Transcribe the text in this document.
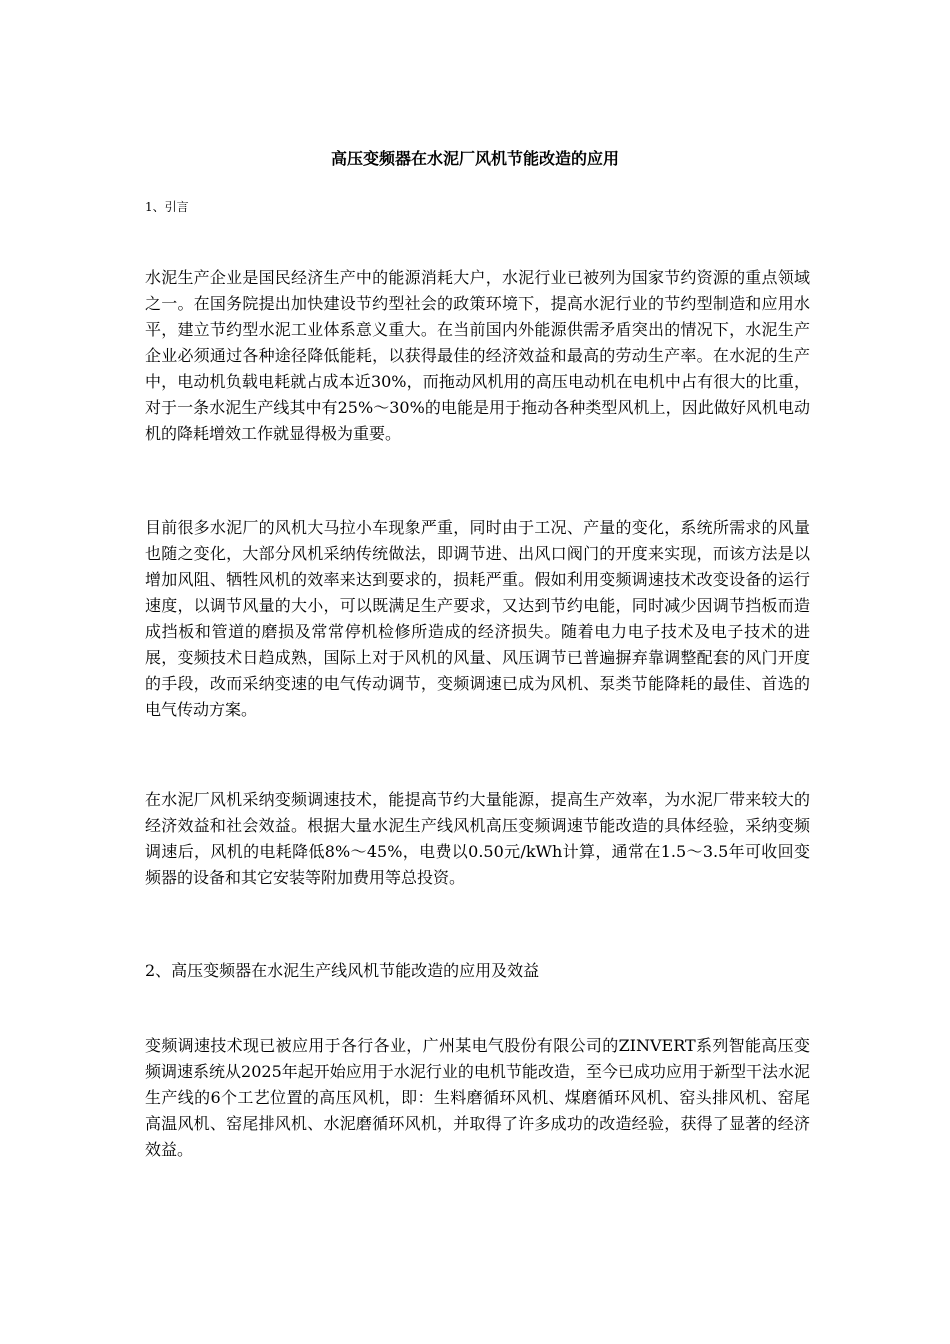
高压变频器在水泥厂风机节能改造的应用
1、引言

水泥生产企业是国民经济生产中的能源消耗大户，水泥行业已被列为国家节约资源的重点领域之一。在国务院提出加快建设节约型社会的政策环境下，提高水泥行业的节约型制造和应用水平，建立节约型水泥工业体系意义重大。在当前国内外能源供需矛盾突出的情况下，水泥生产企业必须通过各种途径降低能耗，以获得最佳的经济效益和最高的劳动生产率。在水泥的生产中，电动机负载电耗就占成本近30%，而拖动风机用的高压电动机在电机中占有很大的比重，对于一条水泥生产线其中有25%～30%的电能是用于拖动各种类型风机上，因此做好风机电动机的降耗增效工作就显得极为重要。

目前很多水泥厂的风机大马拉小车现象严重，同时由于工况、产量的变化，系统所需求的风量也随之变化，大部分风机采纳传统做法，即调节进、出风口阀门的开度来实现，而该方法是以增加风阻、牺牲风机的效率来达到要求的，损耗严重。假如利用变频调速技术改变设备的运行速度，以调节风量的大小，可以既满足生产要求，又达到节约电能，同时减少因调节挡板而造成挡板和管道的磨损及常常停机检修所造成的经济损失。随着电力电子技术及电子技术的进展，变频技术日趋成熟，国际上对于风机的风量、风压调节已普遍摒弃靠调整配套的风门开度的手段，改而采纳变速的电气传动调节，变频调速已成为风机、泵类节能降耗的最佳、首选的电气传动方案。

在水泥厂风机采纳变频调速技术，能提高节约大量能源，提高生产效率，为水泥厂带来较大的经济效益和社会效益。根据大量水泥生产线风机高压变频调速节能改造的具体经验，采纳变频调速后，风机的电耗降低8%～45%，电费以0.50元/kWh计算，通常在1.5～3.5年可收回变频器的设备和其它安装等附加费用等总投资。

2、高压变频器在水泥生产线风机节能改造的应用及效益

变频调速技术现已被应用于各行各业，广州某电气股份有限公司的ZINVERT系列智能高压变频调速系统从2025年起开始应用于水泥行业的电机节能改造，至今已成功应用于新型干法水泥生产线的6个工艺位置的高压风机，即：生料磨循环风机、煤磨循环风机、窑头排风机、窑尾高温风机、窑尾排风机、水泥磨循环风机，并取得了许多成功的改造经验，获得了显著的经济效益。
